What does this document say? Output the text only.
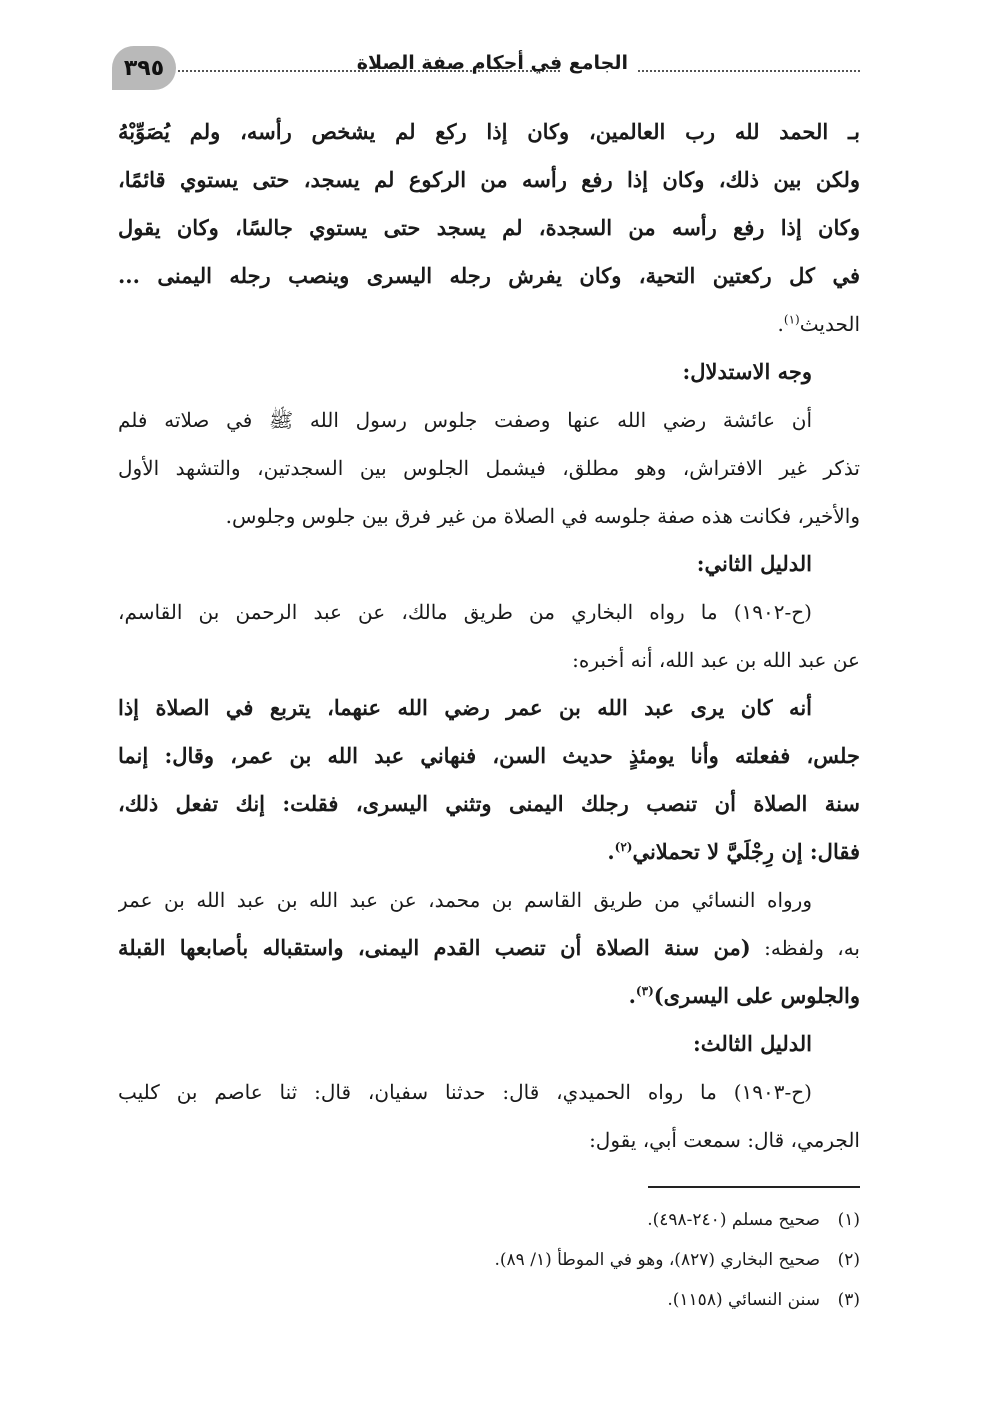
٣٩٥	الجامع في أحكام صفة الصلاة
بـ الحمد لله رب العالمين، وكان إذا ركع لم يشخص رأسه، ولم يُصَوِّبْهُ
ولكن بين ذلك، وكان إذا رفع رأسه من الركوع لم يسجد، حتى يستوي قائمًا،
وكان إذا رفع رأسه من السجدة، لم يسجد حتى يستوي جالسًا، وكان يقول
في كل ركعتين التحية، وكان يفرش رجله اليسرى وينصب رجله اليمنى ...
الحديث$^{(١)}$.
وجه الاستدلال:
أن عائشة رضي الله عنها وصفت جلوس رسول الله ﷺ في صلاته فلم
تذكر غير الافتراش، وهو مطلق، فيشمل الجلوس بين السجدتين، والتشهد الأول
والأخير، فكانت هذه صفة جلوسه في الصلاة من غير فرق بين جلوس وجلوس.
الدليل الثاني:
(ح-١٩٠٢) ما رواه البخاري من طريق مالك، عن عبد الرحمن بن القاسم،
عن عبد الله بن عبد الله، أنه أخبره:
أنه كان يرى عبد الله بن عمر رضي الله عنهما، يتربع في الصلاة إذا
جلس، ففعلته وأنا يومئذٍ حديث السن، فنهاني عبد الله بن عمر، وقال: إنما
سنة الصلاة أن تنصب رجلك اليمنى وتثني اليسرى، فقلت: إنك تفعل ذلك،
فقال: إن رِجْلَيَّ لا تحملاني$^{(٢)}$.
ورواه النسائي من طريق القاسم بن محمد، عن عبد الله بن عبد الله بن عمر
به، ولفظه: (من سنة الصلاة أن تنصب القدم اليمنى، واستقباله بأصابعها القبلة
والجلوس على اليسرى)$^{(٣)}$.
الدليل الثالث:
(ح-١٩٠٣) ما رواه الحميدي، قال: حدثنا سفيان، قال: ثنا عاصم بن كليب
الجرمي، قال: سمعت أبي، يقول:
(١)صحيح مسلم (٢٤٠-٤٩٨).
(٢)صحيح البخاري (٨٢٧)، وهو في الموطأ (١/ ٨٩).
(٣)سنن النسائي (١١٥٨).
